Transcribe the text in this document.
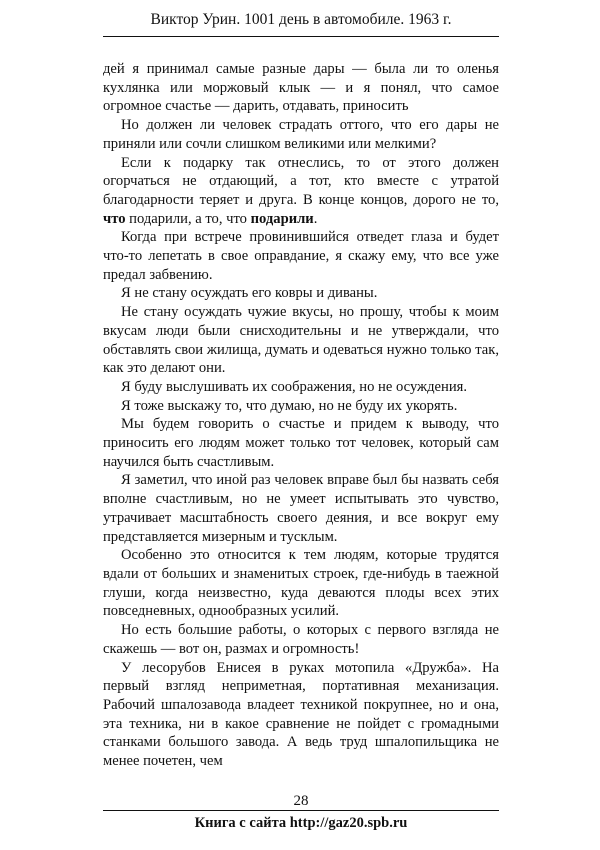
Виктор Урин. 1001 день в автомобиле. 1963 г.

дей я принимал самые разные дары — была ли то оленья кухлянка или моржовый клык — и я понял, что самое огромное счастье — дарить, отдавать, приносить

Но должен ли человек страдать оттого, что его дары не приняли или сочли слишком великими или мелкими?

Если к подарку так отнеслись, то от этого должен огорчаться не отдающий, а тот, кто вместе с утратой благодарности теряет и друга. В конце концов, дорого не то, что подарили, а то, что подарили.

Когда при встрече провинившийся отведет глаза и будет что-то лепетать в свое оправдание, я скажу ему, что все уже предал забвению.

Я не стану осуждать его ковры и диваны.

Не стану осуждать чужие вкусы, но прошу, чтобы к моим вкусам люди были снисходительны и не утверждали, что обставлять свои жилища, думать и одеваться нужно только так, как это делают они.

Я буду выслушивать их соображения, но не осуждения.

Я тоже выскажу то, что думаю, но не буду их укорять.

Мы будем говорить о счастье и придем к выводу, что приносить его людям может только тот человек, который сам научился быть счастливым.

Я заметил, что иной раз человек вправе был бы назвать себя вполне счастливым, но не умеет испытывать это чувство, утрачивает масштабность своего деяния, и все вокруг ему представляется мизерным и тусклым.

Особенно это относится к тем людям, которые трудятся вдали от больших и знаменитых строек, где-нибудь в таежной глуши, когда неизвестно, куда деваются плоды всех этих повседневных, однообразных усилий.

Но есть большие работы, о которых с первого взгляда не скажешь — вот он, размах и огромность!

У лесорубов Енисея в руках мотопила «Дружба». На первый взгляд неприметная, портативная механизация. Рабочий шпалозавода владеет техникой покрупнее, но и она, эта техника, ни в какое сравнение не пойдет с громадными станками большого завода. А ведь труд шпалопильщика не менее почетен, чем

28
Книга с сайта http://gaz20.spb.ru
